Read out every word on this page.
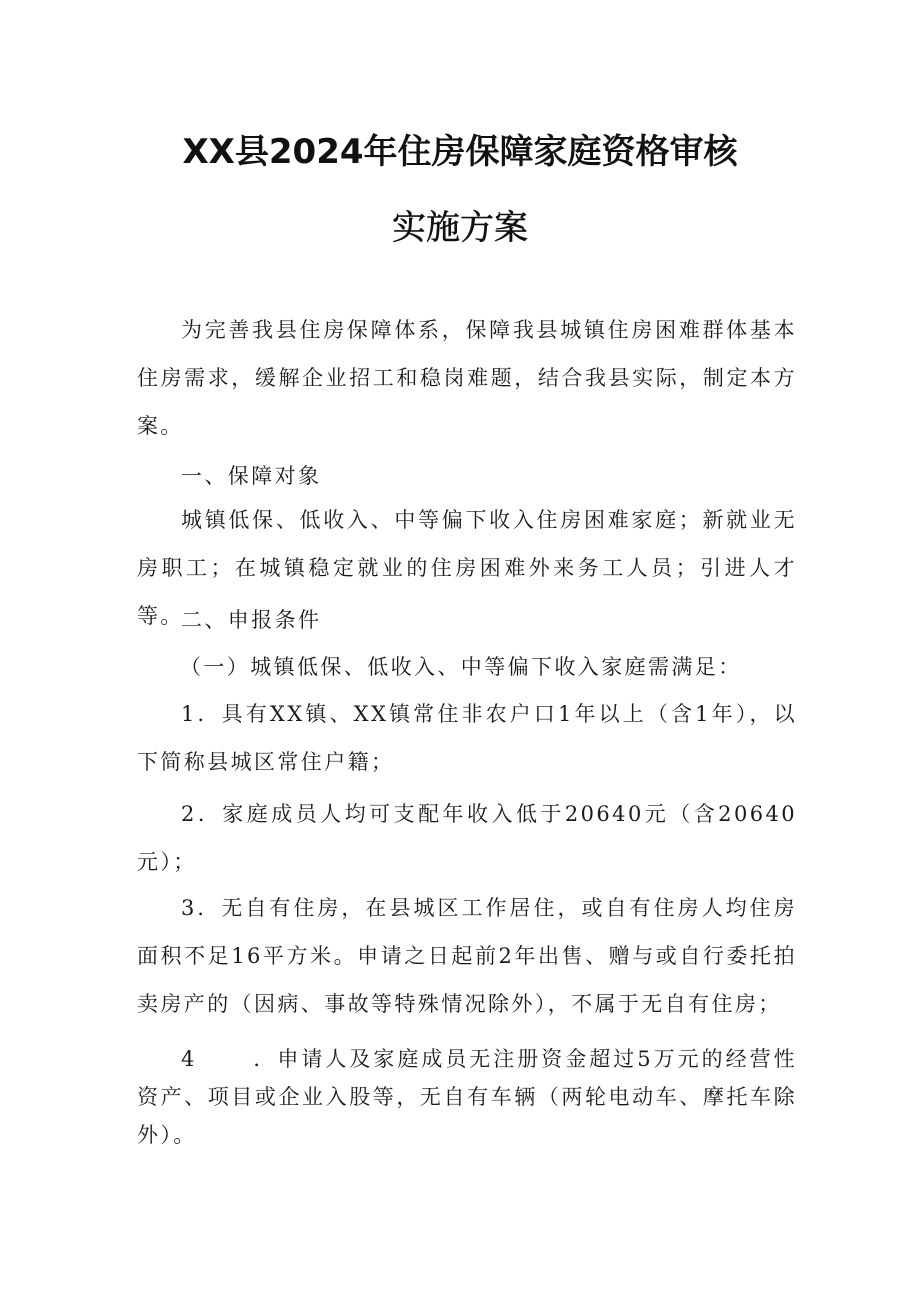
XX县2024年住房保障家庭资格审核
实施方案

为完善我县住房保障体系，保障我县城镇住房困难群体基本住房需求，缓解企业招工和稳岗难题，结合我县实际，制定本方案。

一、保障对象

城镇低保、低收入、中等偏下收入住房困难家庭；新就业无房职工；在城镇稳定就业的住房困难外来务工人员；引进人才等。

二、申报条件

（一）城镇低保、低收入、中等偏下收入家庭需满足：

1．具有XX镇、XX镇常住非农户口1年以上（含1年），以下简称县城区常住户籍；

2．家庭成员人均可支配年收入低于20640元（含20640元）；

3．无自有住房，在县城区工作居住，或自有住房人均住房面积不足16平方米。申请之日起前2年出售、赠与或自行委托拍卖房产的（因病、事故等特殊情况除外），不属于无自有住房；

4	．申请人及家庭成员无注册资金超过5万元的经营性资产、项目或企业入股等，无自有车辆（两轮电动车、摩托车除外）。
